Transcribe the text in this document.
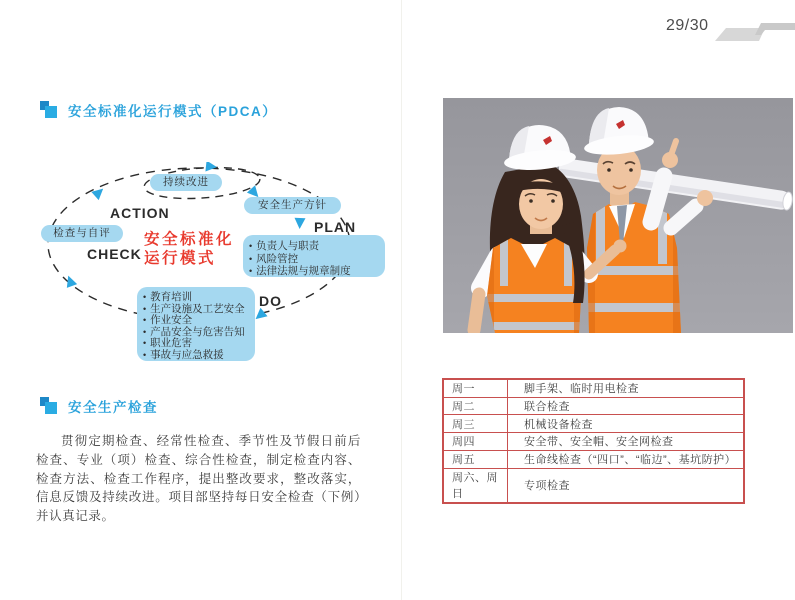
29/30
安全标准化运行模式（PDCA）
持续改进
安全生产方针
检查与自评
ACTION
PLAN
CHECK
DO
• 负责人与职责
• 风险管控
• 法律法规与规章制度
• 教育培训
• 生产设施及工艺安全
• 作业安全
• 产品安全与危害告知
• 职业危害
• 事故与应急救援
安全标准化
运行模式
安全生产检查

贯彻定期检查、经常性检查、季节性及节假日前后检查、专业（项）检查、综合性检查，制定检查内容、检查方法、检查工作程序，提出整改要求，整改落实，信息反馈及持续改进。项目部坚持每日安全检查（下例）并认真记录。

周一	脚手架、临时用电检查
周二	联合检查
周三	机械设备检查
周四	安全带、安全帽、安全网检查
周五	生命线检查（“四口”、“临边”、基坑防护）
周六、周日	专项检查
